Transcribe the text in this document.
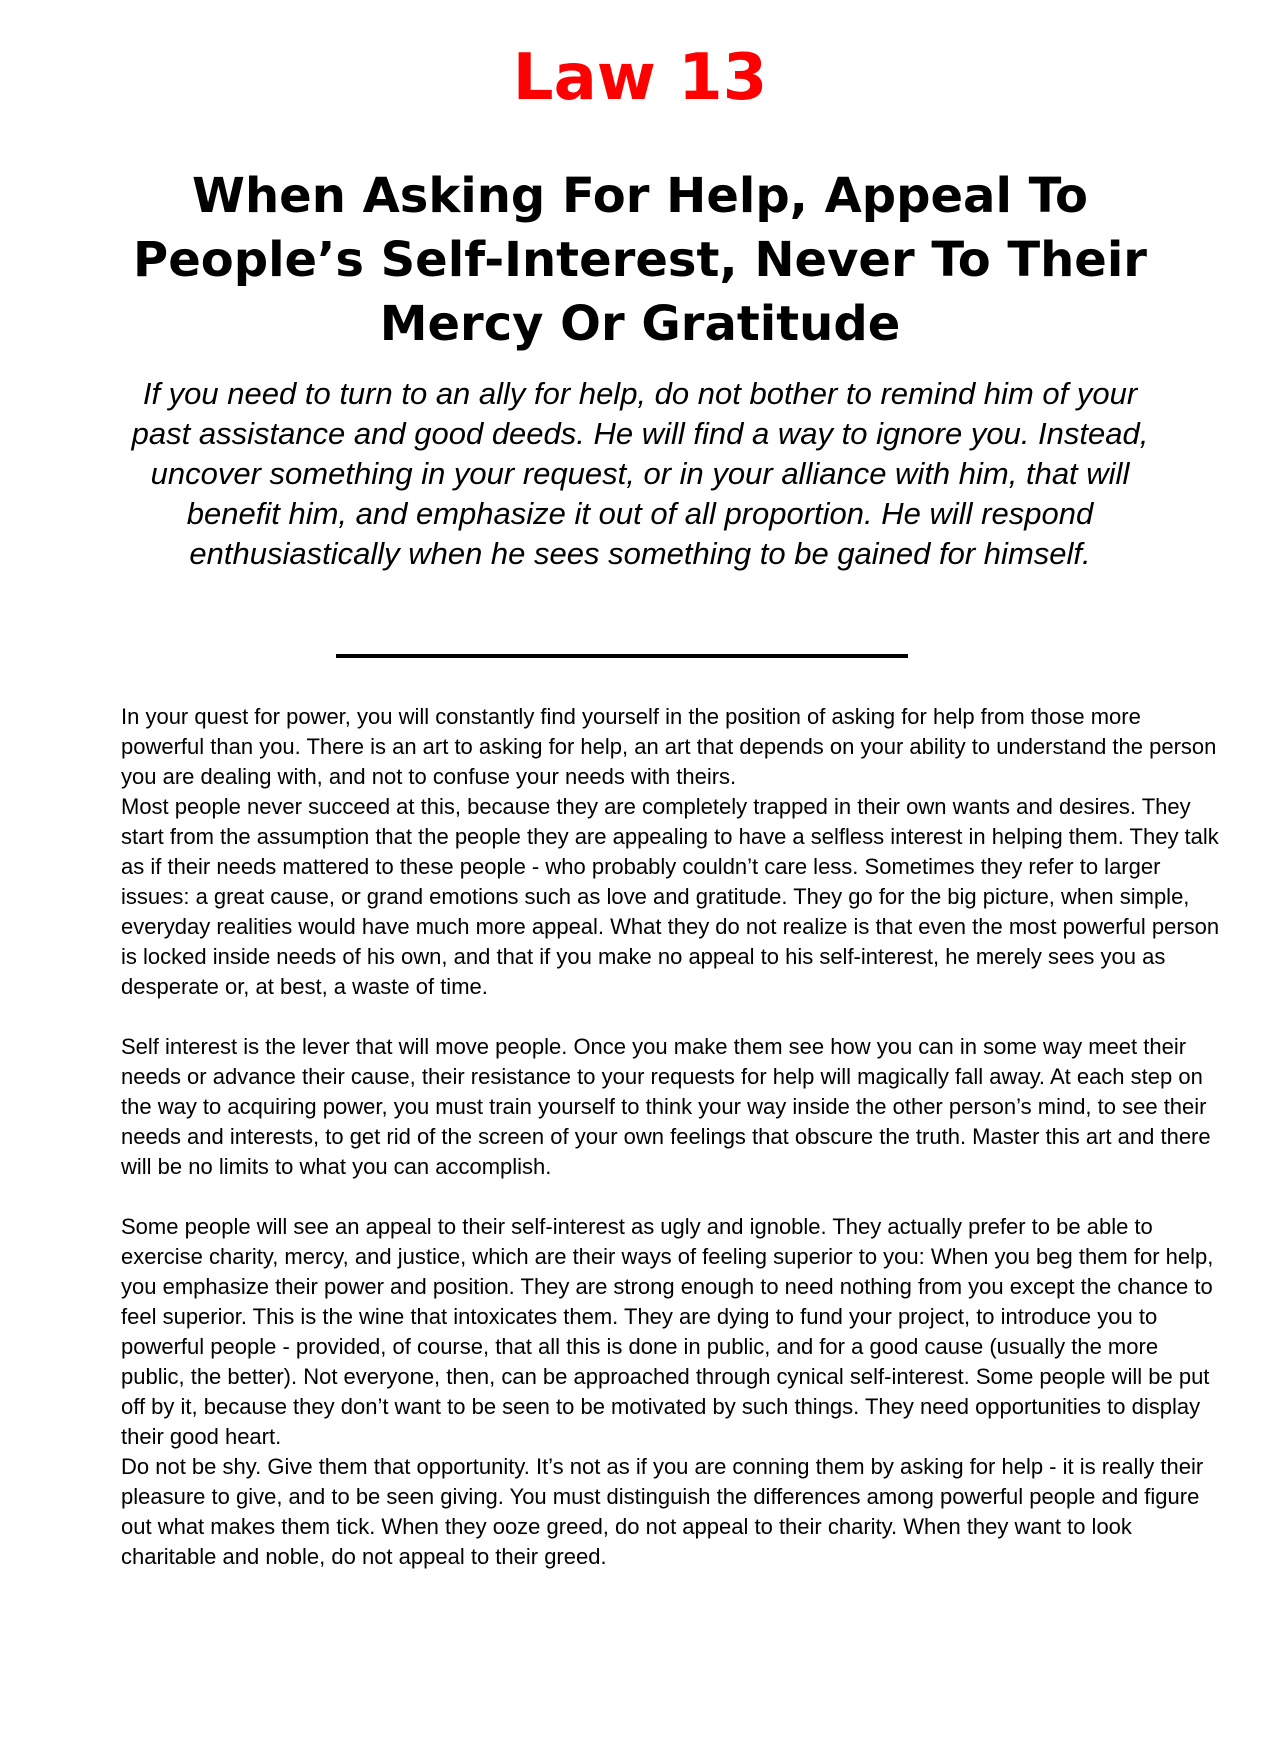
Law 13
When Asking For Help, Appeal To People’s Self-Interest, Never To Their Mercy Or Gratitude

If you need to turn to an ally for help, do not bother to remind him of your past assistance and good deeds. He will find a way to ignore you. Instead, uncover something in your request, or in your alliance with him, that will benefit him, and emphasize it out of all proportion. He will respond enthusiastically when he sees something to be gained for himself.

In your quest for power, you will constantly find yourself in the position of asking for help from those more powerful than you. There is an art to asking for help, an art that depends on your ability to understand the person you are dealing with, and not to confuse your needs with theirs.

Most people never succeed at this, because they are completely trapped in their own wants and desires. They start from the assumption that the people they are appealing to have a selfless interest in helping them. They talk as if their needs mattered to these people - who probably couldn’t care less. Sometimes they refer to larger issues: a great cause, or grand emotions such as love and gratitude. They go for the big picture, when simple, everyday realities would have much more appeal. What they do not realize is that even the most powerful person is locked inside needs of his own, and that if you make no appeal to his self-interest, he merely sees you as desperate or, at best, a waste of time.

Self interest is the lever that will move people. Once you make them see how you can in some way meet their needs or advance their cause, their resistance to your requests for help will magically fall away. At each step on the way to acquiring power, you must train yourself to think your way inside the other person’s mind, to see their needs and interests, to get rid of the screen of your own feelings that obscure the truth. Master this art and there will be no limits to what you can accomplish.

Some people will see an appeal to their self-interest as ugly and ignoble. They actually prefer to be able to exercise charity, mercy, and justice, which are their ways of feeling superior to you: When you beg them for help, you emphasize their power and position. They are strong enough to need nothing from you except the chance to feel superior. This is the wine that intoxicates them. They are dying to fund your project, to introduce you to powerful people - provided, of course, that all this is done in public, and for a good cause (usually the more public, the better). Not everyone, then, can be approached through cynical self-interest. Some people will be put off by it, because they don’t want to be seen to be motivated by such things. They need opportunities to display their good heart.

Do not be shy. Give them that opportunity. It’s not as if you are conning them by asking for help - it is really their pleasure to give, and to be seen giving. You must distinguish the differences among powerful people and figure out what makes them tick. When they ooze greed, do not appeal to their charity. When they want to look charitable and noble, do not appeal to their greed.
